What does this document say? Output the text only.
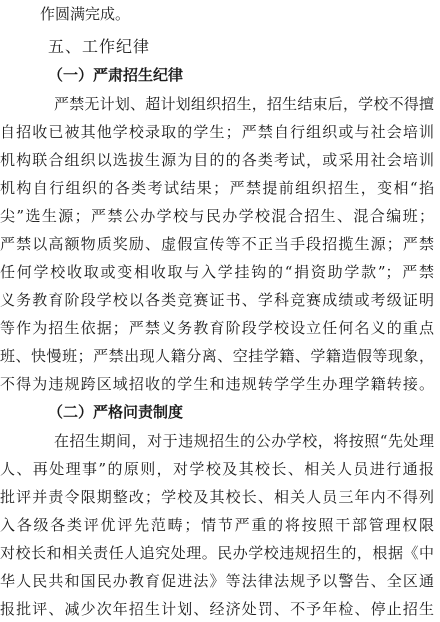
作圆满完成。
五、工作纪律
（一）严肃招生纪律
严禁无计划、超计划组织招生，招生结束后，学校不得擅
自招收已被其他学校录取的学生；严禁自行组织或与社会培训
机构联合组织以选拔生源为目的的各类考试，或采用社会培训
机构自行组织的各类考试结果；严禁提前组织招生，变相“掐
尖”选生源；严禁公办学校与民办学校混合招生、混合编班；
严禁以高额物质奖励、虚假宣传等不正当手段招揽生源；严禁
任何学校收取或变相收取与入学挂钩的“捐资助学款”；严禁
义务教育阶段学校以各类竞赛证书、学科竞赛成绩或考级证明
等作为招生依据；严禁义务教育阶段学校设立任何名义的重点
班、快慢班；严禁出现人籍分离、空挂学籍、学籍造假等现象，
不得为违规跨区域招收的学生和违规转学学生办理学籍转接。
（二）严格问责制度
在招生期间，对于违规招生的公办学校，将按照“先处理
人、再处理事”的原则，对学校及其校长、相关人员进行通报
批评并责令限期整改；学校及其校长、相关人员三年内不得列
入各级各类评优评先范畴；情节严重的将按照干部管理权限
对校长和相关责任人追究处理。民办学校违规招生的，根据《中
华人民共和国民办教育促进法》等法律法规予以警告、全区通
报批评、减少次年招生计划、经济处罚、不予年检、停止招生
